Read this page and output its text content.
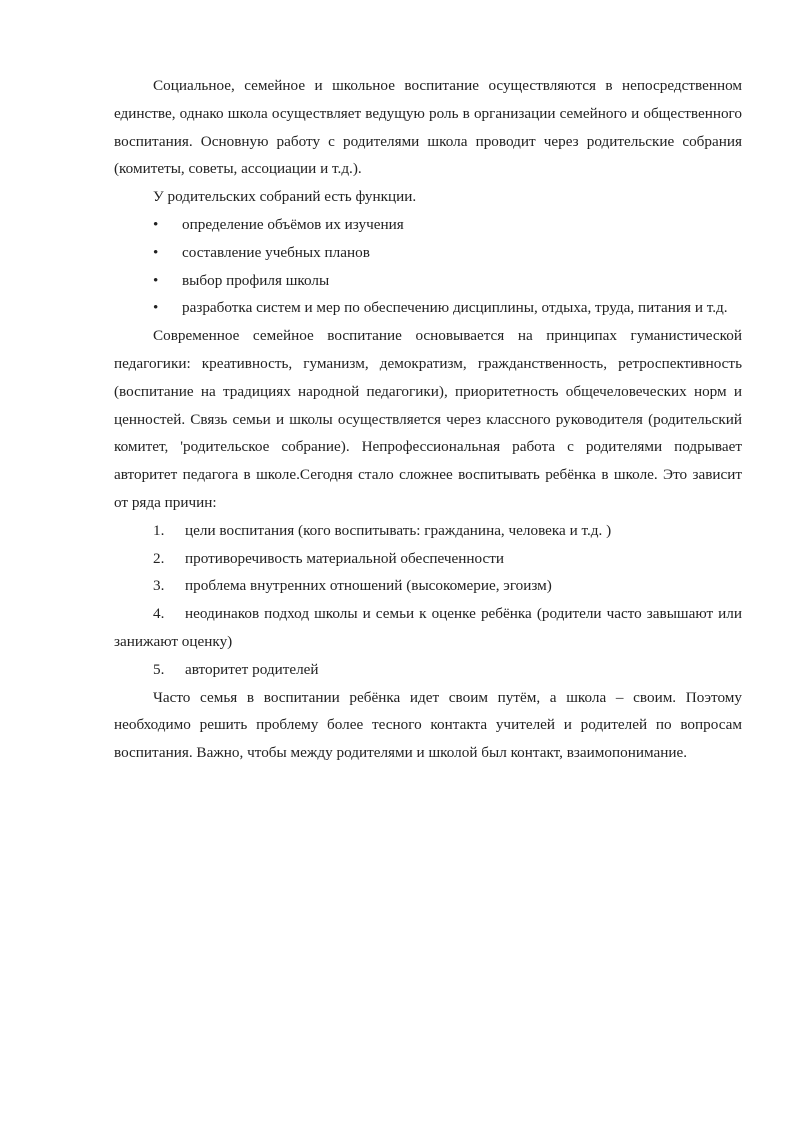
Социальное, семейное и школьное воспитание осуществляются в непосредственном единстве, однако школа осуществляет ведущую роль в организации семейного и общественного воспитания. Основную работу с родителями школа проводит через родительские собрания (комитеты, советы, ассоциации и т.д.).

У родительских собраний есть функции.

• определение объёмов их изучения

• составление учебных планов

• выбор профиля школы

• разработка систем и мер по обеспечению дисциплины, отдыха, труда, питания и т.д.

Современное семейное воспитание основывается на принципах гуманистической педагогики: креативность, гуманизм, демократизм, гражданственность, ретроспективность (воспитание на традициях народной педагогики), приоритетность общечеловеческих норм и ценностей. Связь семьи и школы осуществляется через классного руководителя (родительский комитет, 'родительское собрание). Непрофессиональная работа с родителями подрывает авторитет педагога в школе.Сегодня стало сложнее воспитывать ребёнка в школе. Это зависит от ряда причин:

1. цели воспитания (кого воспитывать: гражданина, человека и т.д. )

2. противоречивость материальной обеспеченности

3. проблема внутренних отношений (высокомерие, эгоизм)

4. неодинаков подход школы и семьи к оценке ребёнка (родители часто завышают или занижают оценку)

5. авторитет родителей

Часто семья в воспитании ребёнка идет своим путём, а школа – своим. Поэтому необходимо решить проблему более тесного контакта учителей и родителей по вопросам воспитания. Важно, чтобы между родителями и школой был контакт, взаимопонимание.
